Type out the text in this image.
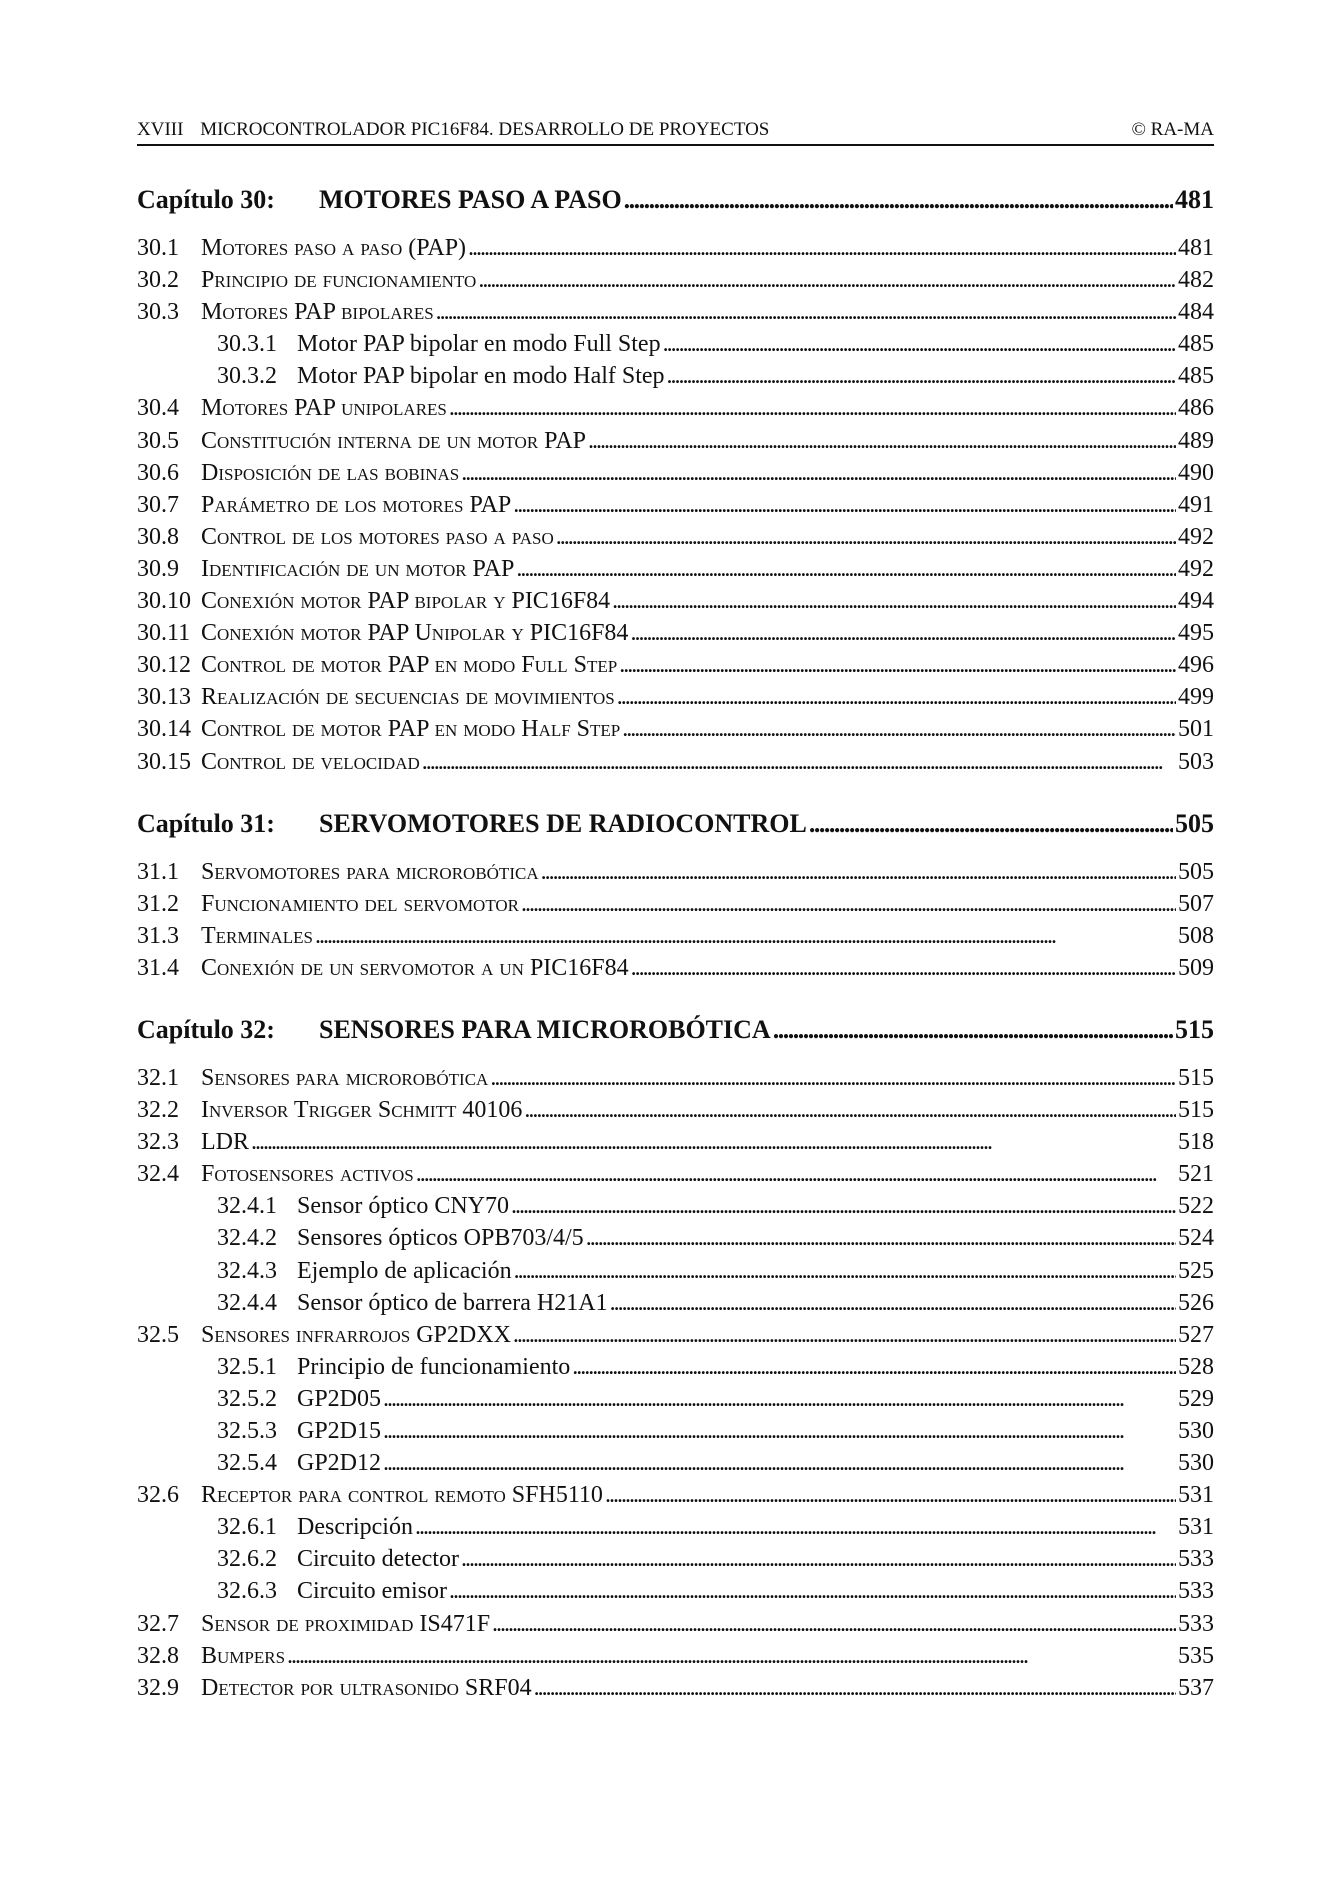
XVIII MICROCONTROLADOR PIC16F84. DESARROLLO DE PROYECTOS	© RA-MA
Capítulo 30:	MOTORES PASO A PASO . . .	481
30.1 Motores paso a paso (PAP) . . .	481
30.2 Principio de funcionamiento . . .	482
30.3 Motores PAP bipolares . . .	484
30.3.1 Motor PAP bipolar en modo Full Step . . .	485
30.3.2 Motor PAP bipolar en modo Half Step . . .	485
30.4 Motores PAP unipolares . . .	486
30.5 Constitución interna de un motor PAP . . .	489
30.6 Disposición de las bobinas . . .	490
30.7 Parámetro de los motores PAP . . .	491
30.8 Control de los motores paso a paso . . .	492
30.9 Identificación de un motor PAP . . .	492
30.10 Conexión motor PAP bipolar y PIC16F84 . . .	494
30.11 Conexión motor PAP Unipolar y PIC16F84 . . .	495
30.12 Control de motor PAP en modo Full Step . . .	496
30.13 Realización de secuencias de movimientos . . .	499
30.14 Control de motor PAP en modo Half Step . . .	501
30.15 Control de velocidad . . .	503
Capítulo 31:	SERVOMOTORES DE RADIOCONTROL . . .	505
31.1 Servomotores para microrobótica . . .	505
31.2 Funcionamiento del servomotor . . .	507
31.3 Terminales . . .	508
31.4 Conexión de un servomotor a un PIC16F84 . . .	509
Capítulo 32:	SENSORES PARA MICROROBÓTICA . . .	515
32.1 Sensores para microrobótica . . .	515
32.2 Inversor Trigger Schmitt 40106 . . .	515
32.3 LDR . . .	518
32.4 Fotosensores activos . . .	521
32.4.1 Sensor óptico CNY70 . . .	522
32.4.2 Sensores ópticos OPB703/4/5 . . .	524
32.4.3 Ejemplo de aplicación . . .	525
32.4.4 Sensor óptico de barrera H21A1 . . .	526
32.5 Sensores infrarrojos GP2DXX . . .	527
32.5.1 Principio de funcionamiento . . .	528
32.5.2 GP2D05 . . .	529
32.5.3 GP2D15 . . .	530
32.5.4 GP2D12 . . .	530
32.6 Receptor para control remoto SFH5110 . . .	531
32.6.1 Descripción . . .	531
32.6.2 Circuito detector . . .	533
32.6.3 Circuito emisor . . .	533
32.7 Sensor de proximidad IS471F . . .	533
32.8 Bumpers . . .	535
32.9 Detector por ultrasonido SRF04 . . .	537
